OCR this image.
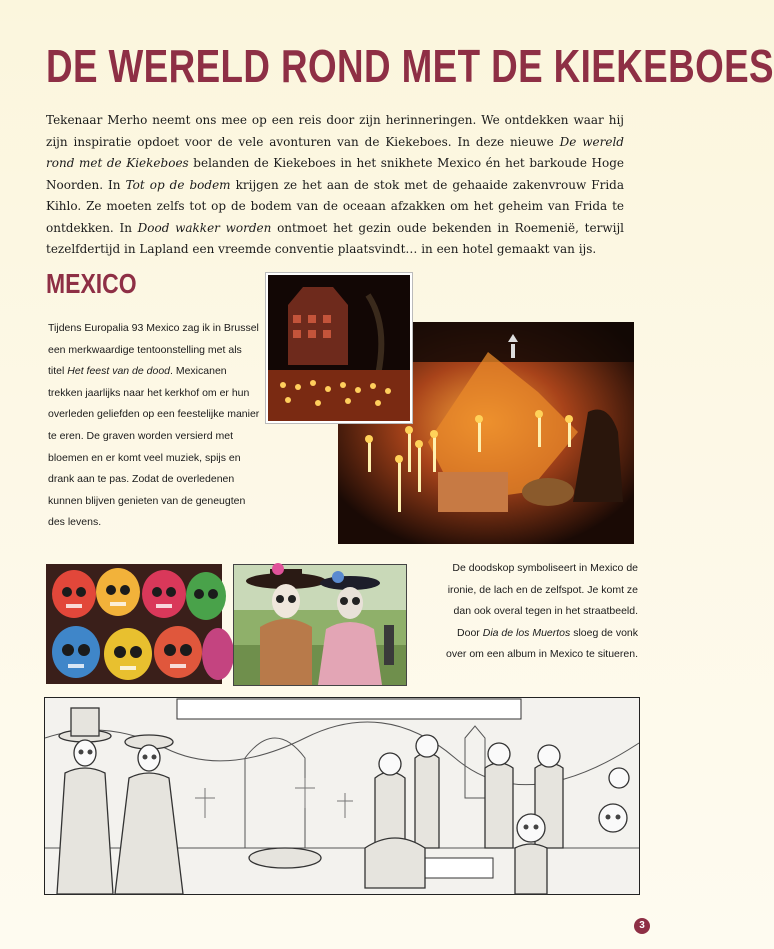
DE WERELD ROND MET DE KIEKEBOES

Tekenaar Merho neemt ons mee op een reis door zijn herinneringen. We ontdekken waar hij zijn inspiratie opdoet voor de vele avonturen van de Kiekeboes. In deze nieuwe De wereld rond met de Kiekeboes belanden de Kiekeboes in het snikhete Mexico én het barkoude Hoge Noorden. In Tot op de bodem krijgen ze het aan de stok met de gehaaide zakenvrouw Frida Kihlo. Ze moeten zelfs tot op de bodem van de oceaan afzakken om het geheim van Frida te ontdekken. In Dood wakker worden ontmoet het gezin oude bekenden in Roemenië, terwijl tezelfdertijd in Lapland een vreemde conventie plaatsvindt… in een hotel gemaakt van ijs.

MEXICO

Tijdens Europalia 93 Mexico zag ik in Brussel een merkwaardige tentoonstelling met als titel Het feest van de dood. Mexicanen trekken jaarlijks naar het kerkhof om er hun overleden geliefden op een feestelijke manier te eren. De graven worden versierd met bloemen en er komt veel muziek, spijs en drank aan te pas. Zodat de overledenen kunnen blijven genieten van de geneugten des levens.

De doodskop symboliseert in Mexico de ironie, de lach en de zelfspot. Je komt ze dan ook overal tegen in het straatbeeld. Door Dia de los Muertos sloeg de vonk over om een album in Mexico te situeren.

3
